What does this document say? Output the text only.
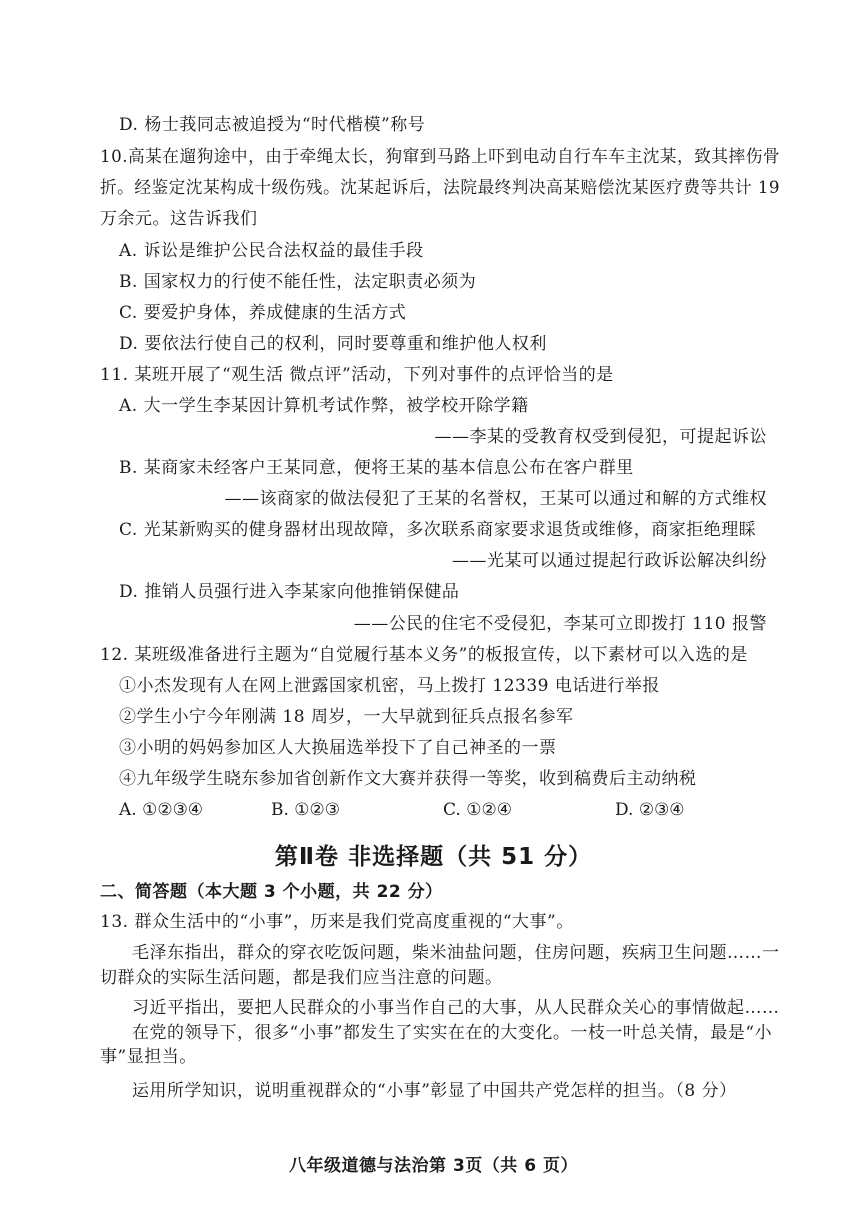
D. 杨士莪同志被追授为“时代楷模”称号
10.高某在遛狗途中，由于牵绳太长，狗窜到马路上吓到电动自行车车主沈某，致其摔伤骨
折。经鉴定沈某构成十级伤残。沈某起诉后，法院最终判决高某赔偿沈某医疗费等共计 19
万余元。这告诉我们
A. 诉讼是维护公民合法权益的最佳手段
B. 国家权力的行使不能任性，法定职责必须为
C. 要爱护身体，养成健康的生活方式
D. 要依法行使自己的权利，同时要尊重和维护他人权利
11. 某班开展了“观生活 微点评”活动，下列对事件的点评恰当的是
A. 大一学生李某因计算机考试作弊，被学校开除学籍
——李某的受教育权受到侵犯，可提起诉讼
B. 某商家未经客户王某同意，便将王某的基本信息公布在客户群里
——该商家的做法侵犯了王某的名誉权，王某可以通过和解的方式维权
C. 光某新购买的健身器材出现故障，多次联系商家要求退货或维修，商家拒绝理睬
——光某可以通过提起行政诉讼解决纠纷
D. 推销人员强行进入李某家向他推销保健品
——公民的住宅不受侵犯，李某可立即拨打 110 报警
12. 某班级准备进行主题为“自觉履行基本义务”的板报宣传，以下素材可以入选的是
①小杰发现有人在网上泄露国家机密，马上拨打 12339 电话进行举报
②学生小宁今年刚满 18 周岁，一大早就到征兵点报名参军
③小明的妈妈参加区人大换届选举投下了自己神圣的一票
④九年级学生晓东参加省创新作文大赛并获得一等奖，收到稿费后主动纳税
A. ①②③④	B. ①②③	C. ①②④	D. ②③④
第Ⅱ卷 非选择题（共 51 分）
二、简答题（本大题 3 个小题，共 22 分）
13. 群众生活中的“小事”，历来是我们党高度重视的“大事”。
毛泽东指出，群众的穿衣吃饭问题，柴米油盐问题，住房问题，疾病卫生问题……一
切群众的实际生活问题，都是我们应当注意的问题。
习近平指出，要把人民群众的小事当作自己的大事，从人民群众关心的事情做起……
在党的领导下，很多“小事”都发生了实实在在的大变化。一枝一叶总关情，最是“小
事”显担当。
运用所学知识，说明重视群众的“小事”彰显了中国共产党怎样的担当。（8 分）
八年级道德与法治第 3页（共 6 页）
